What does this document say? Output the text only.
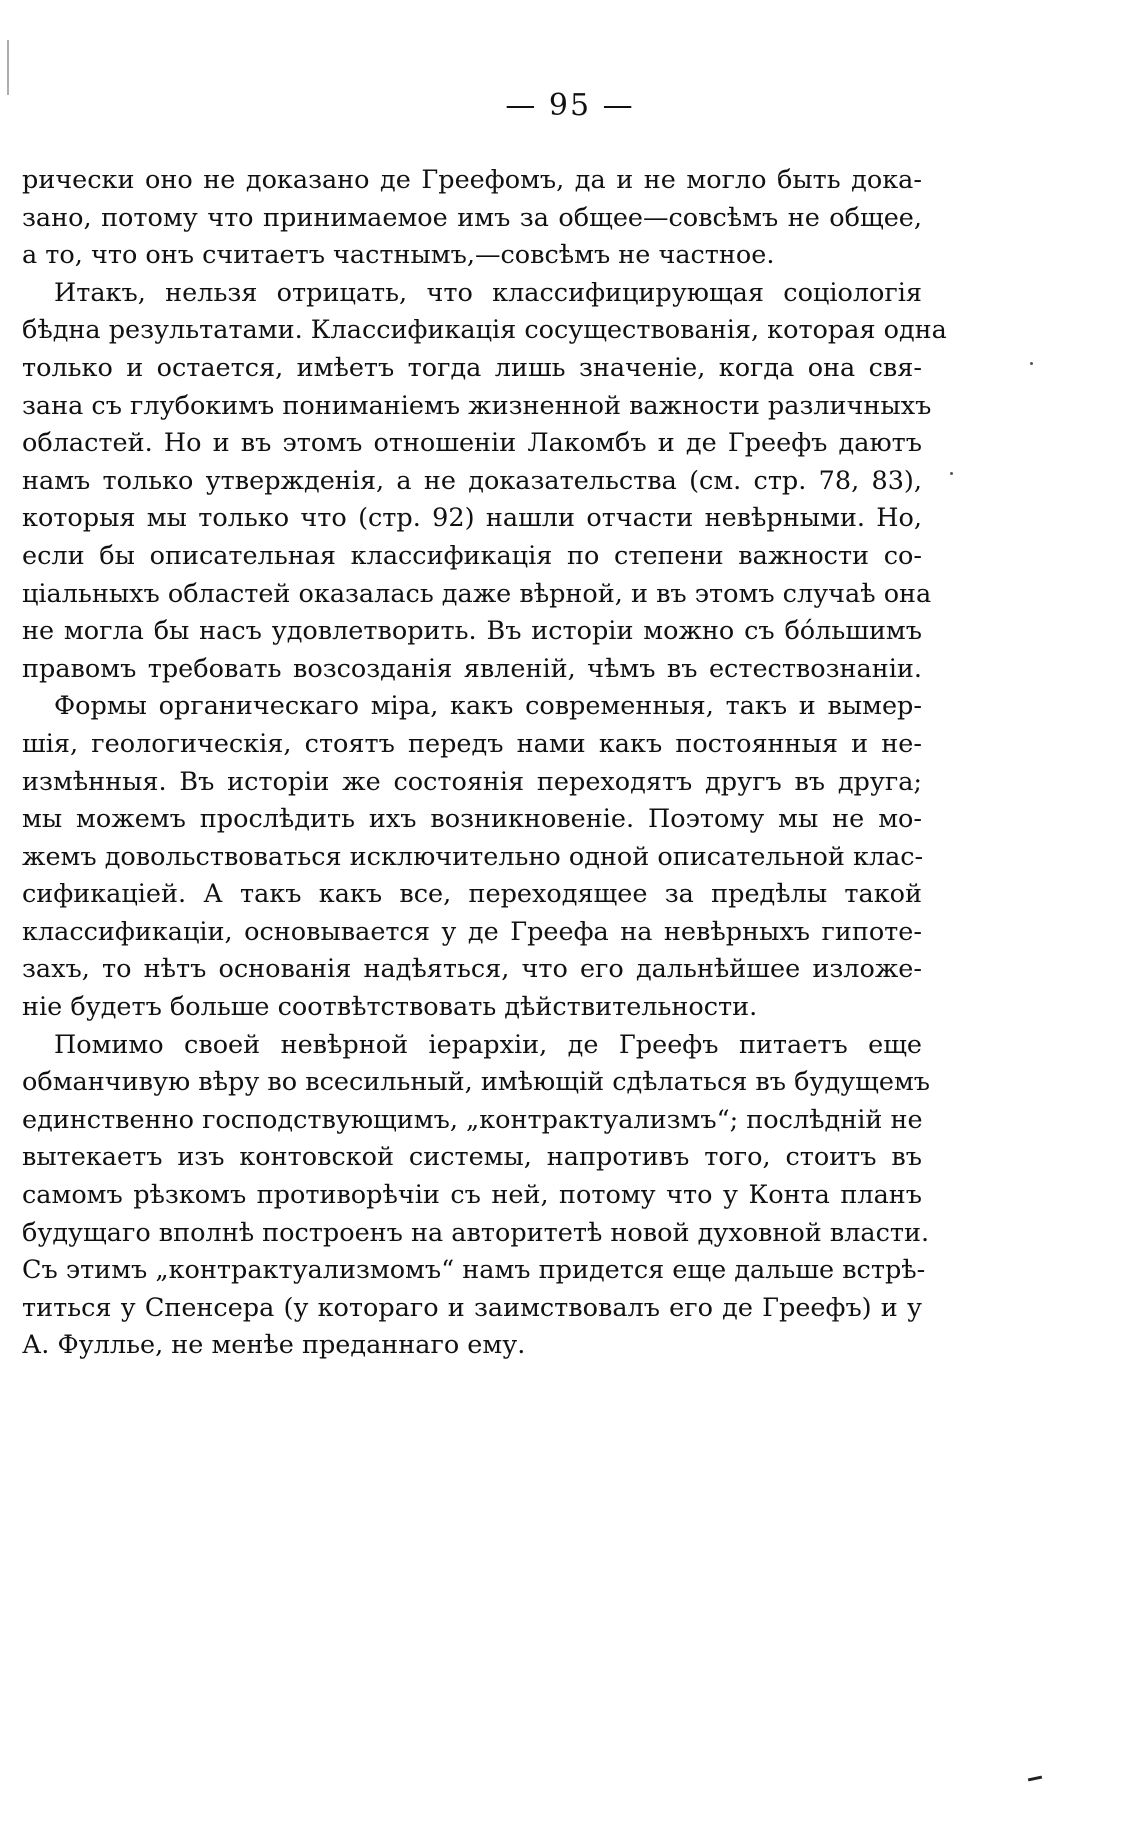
— 95 —
рически оно не доказано де Греефомъ, да и не могло быть дока-
зано, потому что принимаемое имъ за общее—совсѣмъ не общее,
а то, что онъ считаетъ частнымъ,—совсѣмъ не частное.
Итакъ, нельзя отрицать, что классифицирующая соціологія
бѣдна результатами. Классификація сосуществованія, которая одна
только и остается, имѣетъ тогда лишь значеніе, когда она свя-
зана съ глубокимъ пониманіемъ жизненной важности различныхъ
областей. Но и въ этомъ отношеніи Лакомбъ и де Греефъ даютъ
намъ только утвержденія, а не доказательства (см. стр. 78, 83),
которыя мы только что (стр. 92) нашли отчасти невѣрными. Но,
если бы описательная классификація по степени важности со-
ціальныхъ областей оказалась даже вѣрной, и въ этомъ случаѣ она
не могла бы насъ удовлетворить. Въ исторіи можно съ бо́льшимъ
правомъ требовать возсозданія явленій, чѣмъ въ естествознаніи.
Формы органическаго міра, какъ современныя, такъ и вымер-
шія, геологическія, стоятъ передъ нами какъ постоянныя и не-
измѣнныя. Въ исторіи же состоянія переходятъ другъ въ друга;
мы можемъ прослѣдить ихъ возникновеніе. Поэтому мы не мо-
жемъ довольствоваться исключительно одной описательной клас-
сификаціей. А такъ какъ все, переходящее за предѣлы такой
классификаціи, основывается у де Греефа на невѣрныхъ гипоте-
захъ, то нѣтъ основанія надѣяться, что его дальнѣйшее изложе-
ніе будетъ больше соотвѣтствовать дѣйствительности.
Помимо своей невѣрной іерархіи, де Греефъ питаетъ еще
обманчивую вѣру во всесильный, имѣющій сдѣлаться въ будущемъ
единственно господствующимъ, „контрактуализмъ“; послѣдній не
вытекаетъ изъ контовской системы, напротивъ того, стоитъ въ
самомъ рѣзкомъ противорѣчіи съ ней, потому что у Конта планъ
будущаго вполнѣ построенъ на авторитетѣ новой духовной власти.
Съ этимъ „контрактуализмомъ“ намъ придется еще дальше встрѣ-
титься у Спенсера (у котораго и заимствовалъ его де Греефъ) и у
А. Фуллье, не менѣе преданнаго ему.
